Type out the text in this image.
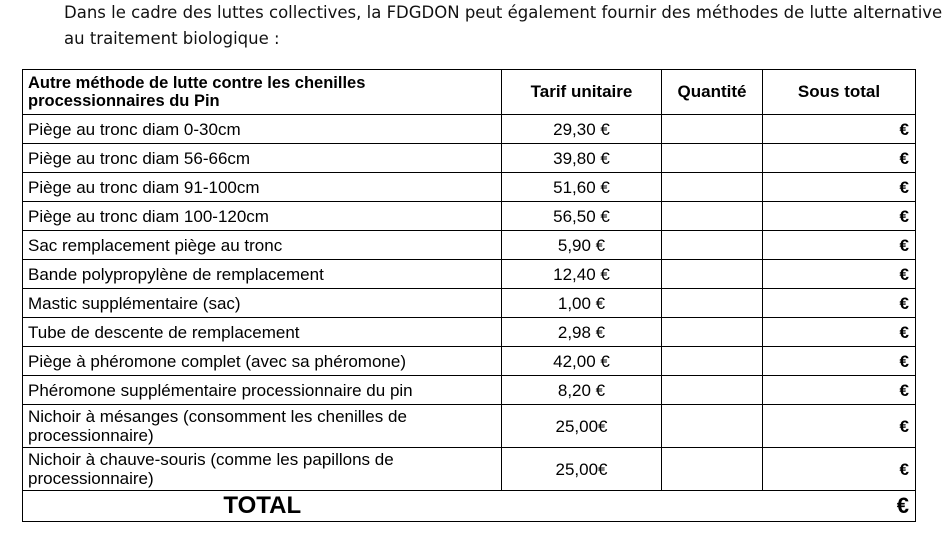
Dans le cadre des luttes collectives, la FDGDON peut également fournir des méthodes de lutte alternative

au traitement biologique :

Autre méthode de lutte contre les chenilles processionnaires du Pin	Tarif unitaire	Quantité	Sous total
Piège au tronc diam 0-30cm	29,30 €		€
Piège au tronc diam 56-66cm	39,80 €		€
Piège au tronc diam 91-100cm	51,60 €		€
Piège au tronc diam 100-120cm	56,50 €		€
Sac remplacement piège au tronc	5,90 €		€
Bande polypropylène de remplacement	12,40 €		€
Mastic supplémentaire (sac)	1,00 €		€
Tube de descente de remplacement	2,98 €		€
Piège à phéromone complet (avec sa phéromone)	42,00 €		€
Phéromone supplémentaire processionnaire du pin	8,20 €		€
Nichoir à mésanges (consomment les chenilles de processionnaire)	25,00€		€
Nichoir à chauve-souris (comme les papillons de processionnaire)	25,00€		€
TOTAL			€
